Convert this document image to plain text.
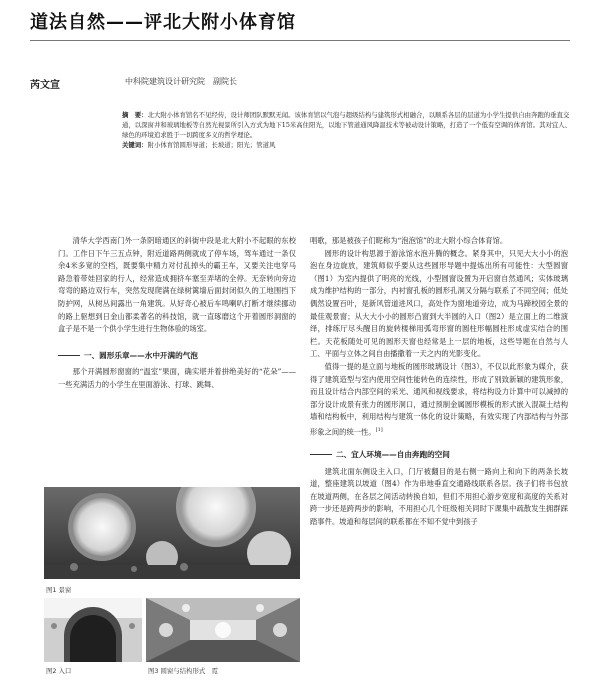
道法自然——评北大附小体育馆
芮文宣	中科院建筑设计研究院　副院长
摘　要：北大附小体育馆名不见经传，设计师团队默默无闻。该体育馆以气泡与超级结构与建筑形式相融合，以顺系各层的层道为小学生提供自由奔跑的垂直交通，以深窗井和玻璃地板等自然光视景所引入方式为地下15米高住阳光，以地下管道通风降温技术等被动设计策略，打造了一个低有空调的体育馆。其对宜人、绿色的环境追求胜于一切跨度多义的哲学理论。
关键词：附小体育馆圆形导道；长坡道；阳光；管道风

清华大学西南门外一条阴暗通区的斜街中段是北大附小不起眼的东校门。工作日下午三五点钟，附近道路两侧就成了停车场，驾车通过一条仅余4米多宽的空档，既要集中精力对付乱掉头的霸王车，又要关注电穿马路急着带娃回家的行人，经常造成拥挤车塞至弄堵的全停。无奈转向旁边弯弯的路边双行车，突然发现爬满在绿树篱墙后面封闭似久的工地围挡下防护网，从树丛间露出一角建筑。从好奇心被后车鸣喇叭打断才继续挪动的路上驱想到日金山都柔著名的科技馆，就一直琢磨这个开着圆形洞窗的盒子是不是一个供小学生进行生物体验的场室。

一、圆形乐章——水中开满的气泡

那个开满圆形窗窗的“温室”果面，确实堪并着拼绝美好的“花朵”——一些充满活力的小学生在里面游泳、打球、跳舞、

图1 景窗
图2 入口	图3 圆窗与结构形式　霓
唱歌，那是被孩子们昵称为“泡泡馆”的北大附小综合体育馆。

圆形的设计构思源于游泳馆水泡升腾的概念。紧身其中，只见大大小小的泡泡在身边旋放，建筑师似乎要从这些圆形导题中提炼出所有可能性：大型圆窗（图1）为室内提供了明亮的光线，小型圆窗设置为开启窗自然通风；实体玻璃成为维护结构的一部分，内衬窗孔板的圆形孔洞又分隔与联系了不同空间；低处偶然设置百叶，是新风管道进风口，高处作为窗地道旁边，成为马蹄校园全景的最佳观景窗；从大大小小的圆形凸窗到大半圆的入口（图2）是立面上的二维演绎，排练厅尽头醒目的旋转楼梯用弧弯形窗的圆柱形幅圆柱形成虚实结合的围栏。天花板随处可见的圆形天窗也经常是上一层的地板，这些导题在自然与人工、平面与立体之间自由播撒着一天之内的光影变化。

值得一提的是立面与地板的圆形玻璃设计（图3），不仅以此形象为媒介，获得了建筑造型与室内使用空间性能转色的连续性，形成了别致新颖的建筑形象，而且设计结合内部空间的采光、通风和视线要求，将结构设力计算中可以减掉的部分设计成景有张力的圆形洞口，通过预制金属圆形模板的形式嵌入混凝土结构墙和结构板中，利用结构与建筑一体化的设计策略，有效实现了内部结构与外部形象之间的统一性。[1]

二、宜人环境——自由奔跑的空间

建筑北面东侧设主入口，门厅被翻目的是右侧一路向上和向下的两条长坡道，整座建筑以坡道（图4）作为串地垂直交通路线联系各层。孩子们将书包放在坡道两侧，在各层之间活动转换自如，但们不用担心游步宽度和高度的关系对跨一步还是跨两步的影响，不用担心几个旺级相关同时下课集中疏散发生拥群踩踏事件。坡道和每层间的联系都在不知不觉中到孩子
